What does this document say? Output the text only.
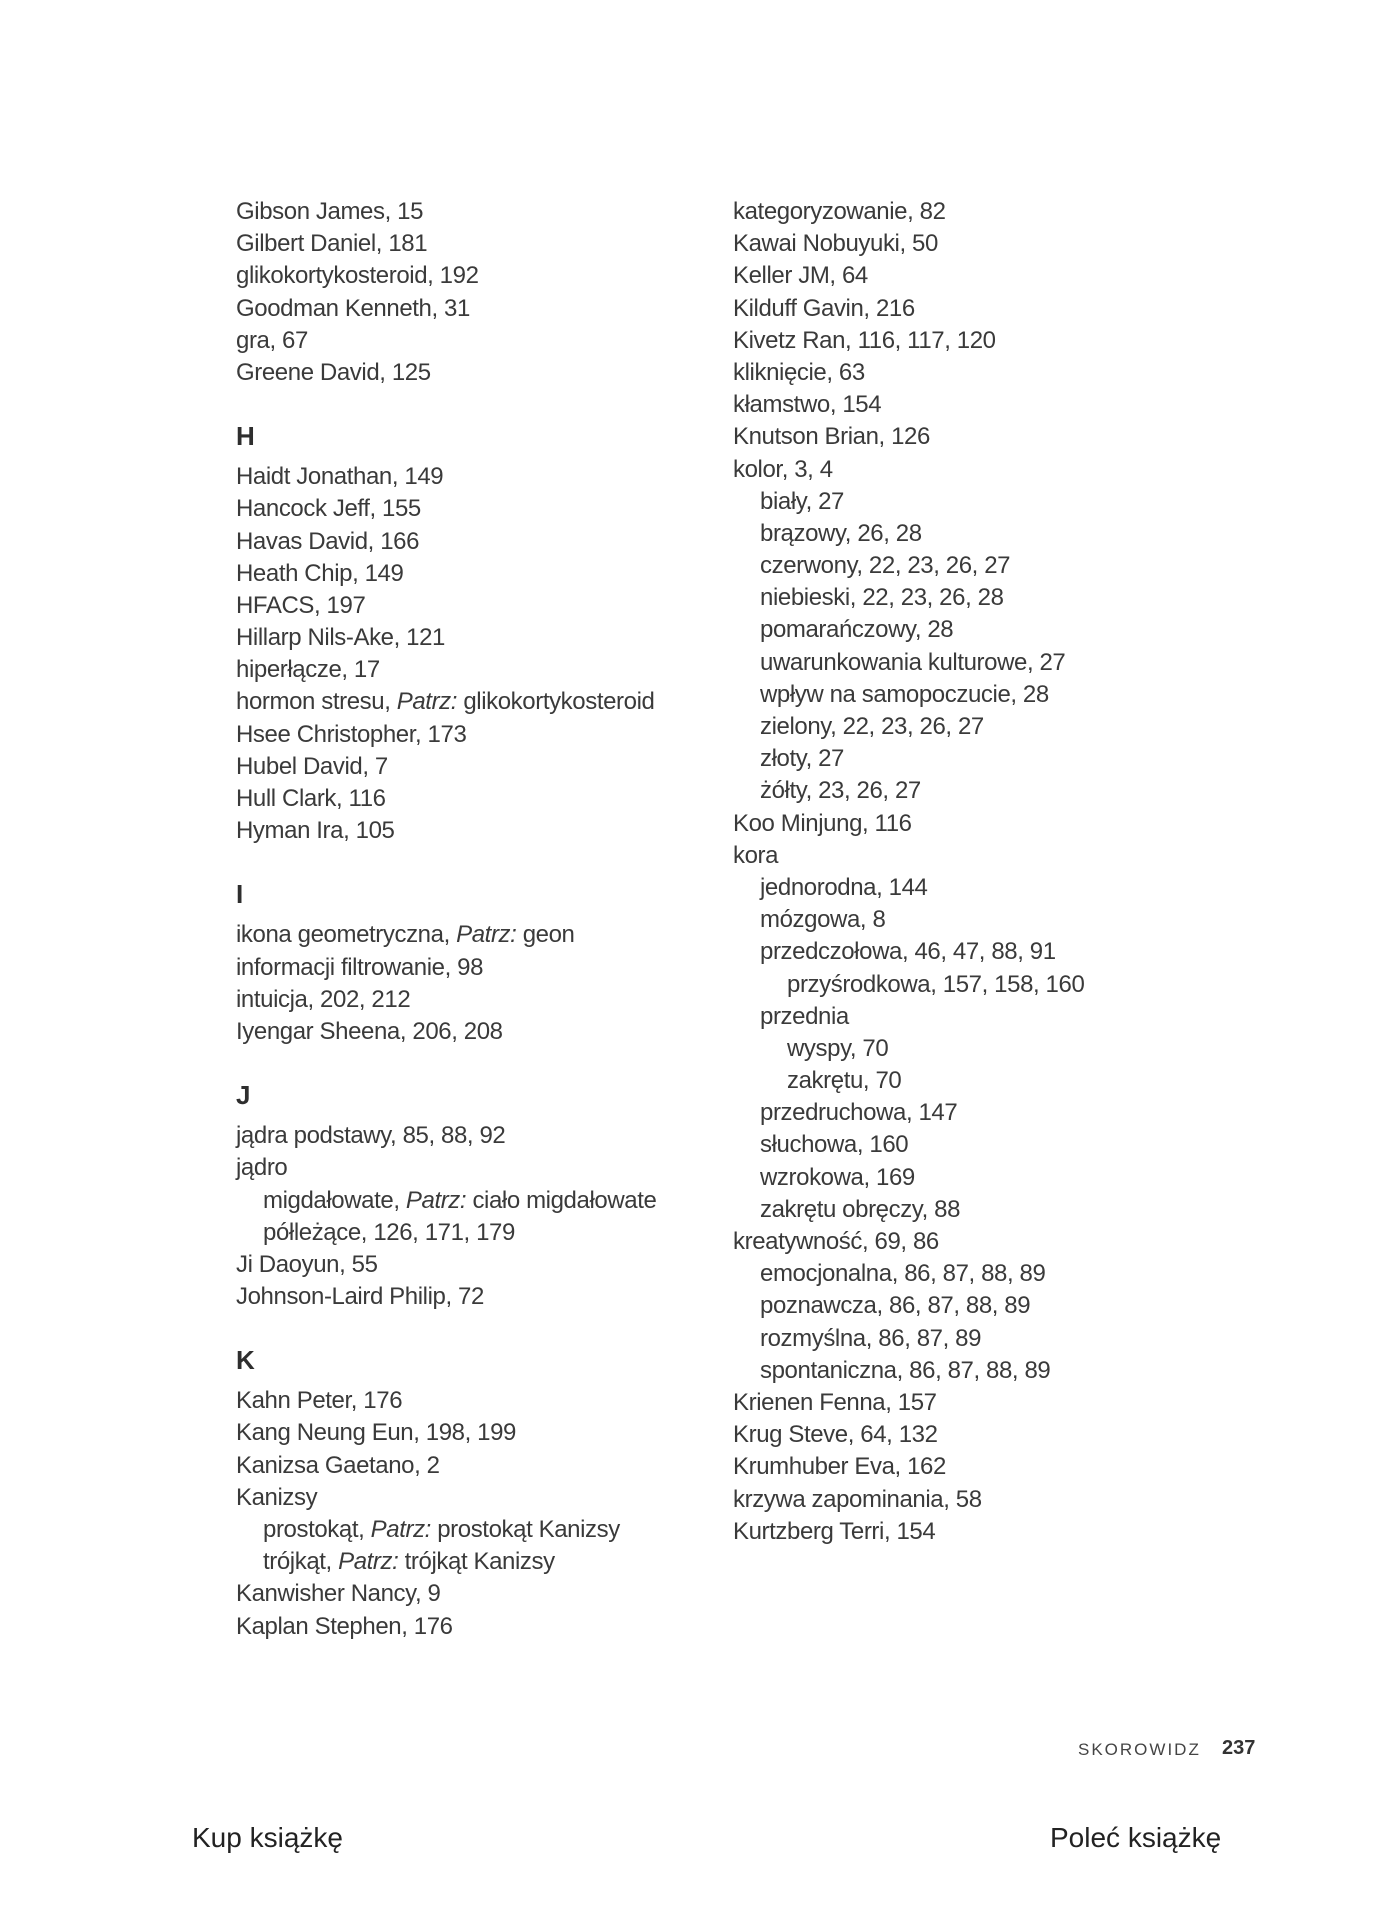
Gibson James, 15
Gilbert Daniel, 181
glikokortykosteroid, 192
Goodman Kenneth, 31
gra, 67
Greene David, 125
H
Haidt Jonathan, 149
Hancock Jeff, 155
Havas David, 166
Heath Chip, 149
HFACS, 197
Hillarp Nils-Ake, 121
hiperłącze, 17
hormon stresu, Patrz: glikokortykosteroid
Hsee Christopher, 173
Hubel David, 7
Hull Clark, 116
Hyman Ira, 105
I
ikona geometryczna, Patrz: geon
informacji filtrowanie, 98
intuicja, 202, 212
Iyengar Sheena, 206, 208
J
jądra podstawy, 85, 88, 92
jądro
migdałowate, Patrz: ciało migdałowate
półleżące, 126, 171, 179
Ji Daoyun, 55
Johnson-Laird Philip, 72
K
Kahn Peter, 176
Kang Neung Eun, 198, 199
Kanizsa Gaetano, 2
Kanizsy
prostokąt, Patrz: prostokąt Kanizsy
trójkąt, Patrz: trójkąt Kanizsy
Kanwisher Nancy, 9
Kaplan Stephen, 176
kategoryzowanie, 82
Kawai Nobuyuki, 50
Keller JM, 64
Kilduff Gavin, 216
Kivetz Ran, 116, 117, 120
kliknięcie, 63
kłamstwo, 154
Knutson Brian, 126
kolor, 3, 4
biały, 27
brązowy, 26, 28
czerwony, 22, 23, 26, 27
niebieski, 22, 23, 26, 28
pomarańczowy, 28
uwarunkowania kulturowe, 27
wpływ na samopoczucie, 28
zielony, 22, 23, 26, 27
złoty, 27
żółty, 23, 26, 27
Koo Minjung, 116
kora
jednorodna, 144
mózgowa, 8
przedczołowa, 46, 47, 88, 91
przyśrodkowa, 157, 158, 160
przednia
wyspy, 70
zakrętu, 70
przedruchowa, 147
słuchowa, 160
wzrokowa, 169
zakrętu obręczy, 88
kreatywność, 69, 86
emocjonalna, 86, 87, 88, 89
poznawcza, 86, 87, 88, 89
rozmyślna, 86, 87, 89
spontaniczna, 86, 87, 88, 89
Krienen Fenna, 157
Krug Steve, 64, 132
Krumhuber Eva, 162
krzywa zapominania, 58
Kurtzberg Terri, 154
SKOROWIDZ 237
Kup książkę	Poleć książkę
